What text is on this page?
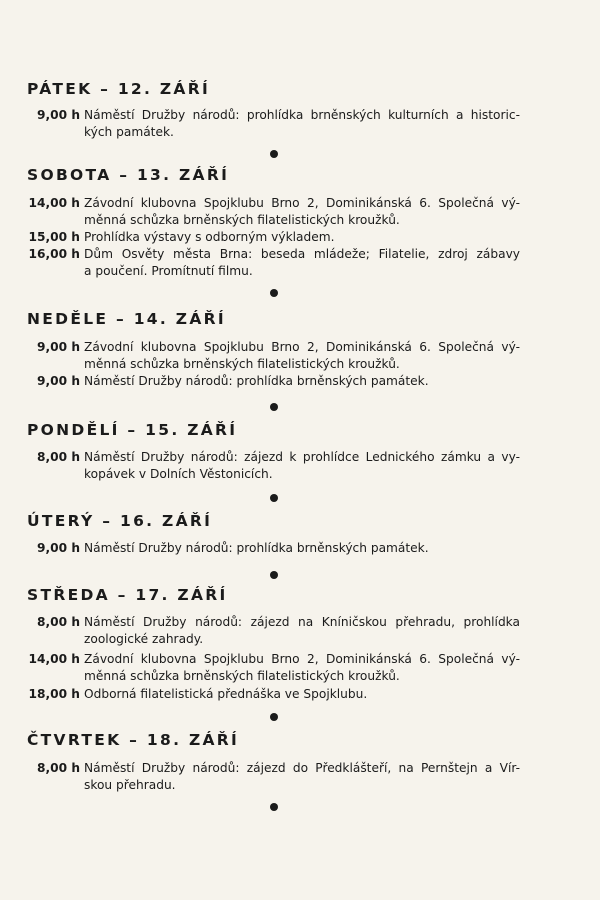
PÁTEK – 12. ZÁŘÍ
9,00 h Náměstí Družby národů: prohlídka brněnských kulturních a historic-
kých památek.
SOBOTA – 13. ZÁŘÍ
14,00 h Závodní klubovna Spojklubu Brno 2, Dominikánská 6. Společná vý-
měnná schůzka brněnských filatelistických kroužků.
15,00 h Prohlídka výstavy s odborným výkladem.
16,00 h Dům Osvěty města Brna: beseda mládeže; Filatelie, zdroj zábavy
a poučení. Promítnutí filmu.
NEDĚLE – 14. ZÁŘÍ
9,00 h Závodní klubovna Spojklubu Brno 2, Dominikánská 6. Společná vý-
měnná schůzka brněnských filatelistických kroužků.
9,00 h Náměstí Družby národů: prohlídka brněnských památek.
PONDĚLÍ – 15. ZÁŘÍ
8,00 h Náměstí Družby národů: zájezd k prohlídce Lednického zámku a vy-
kopávek v Dolních Věstonicích.
ÚTERÝ – 16. ZÁŘÍ
9,00 h Náměstí Družby národů: prohlídka brněnských památek.
STŘEDA – 17. ZÁŘÍ
8,00 h Náměstí Družby národů: zájezd na Kníničskou přehradu, prohlídka
zoologické zahrady.
14,00 h Závodní klubovna Spojklubu Brno 2, Dominikánská 6. Společná vý-
měnná schůzka brněnských filatelistických kroužků.
18,00 h Odborná filatelistická přednáška ve Spojklubu.
ČTVRTEK – 18. ZÁŘÍ
8,00 h Náměstí Družby národů: zájezd do Předklášteří, na Pernštejn a Vír-
skou přehradu.
